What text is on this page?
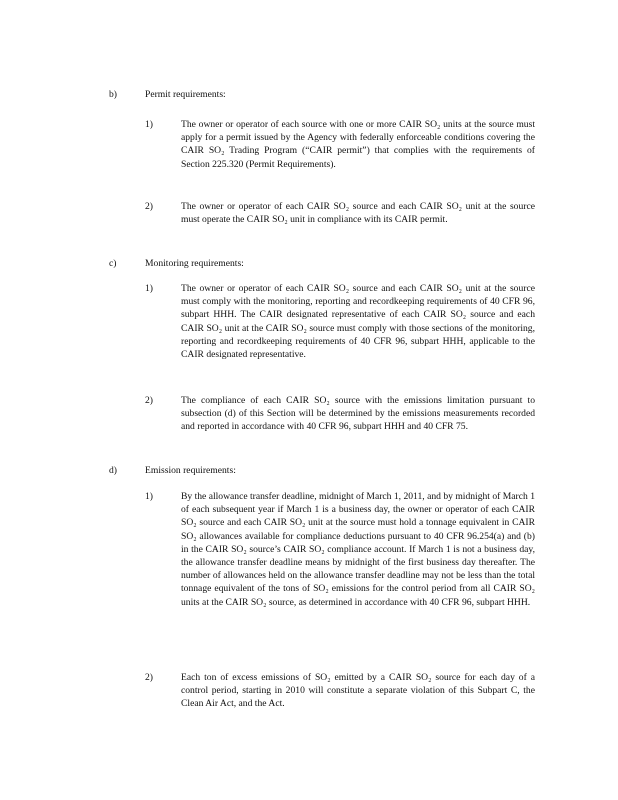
b)	Permit requirements:
1)	The owner or operator of each source with one or more CAIR SO₂ units at the source must apply for a permit issued by the Agency with federally enforceable conditions covering the CAIR SO₂ Trading Program (“CAIR permit”) that complies with the requirements of Section 225.320 (Permit Requirements).
2)	The owner or operator of each CAIR SO₂ source and each CAIR SO₂ unit at the source must operate the CAIR SO₂ unit in compliance with its CAIR permit.
c)	Monitoring requirements:
1)	The owner or operator of each CAIR SO₂ source and each CAIR SO₂ unit at the source must comply with the monitoring, reporting and recordkeeping requirements of 40 CFR 96, subpart HHH. The CAIR designated representative of each CAIR SO₂ source and each CAIR SO₂ unit at the CAIR SO₂ source must comply with those sections of the monitoring, reporting and recordkeeping requirements of 40 CFR 96, subpart HHH, applicable to the CAIR designated representative.
2)	The compliance of each CAIR SO₂ source with the emissions limitation pursuant to subsection (d) of this Section will be determined by the emissions measurements recorded and reported in accordance with 40 CFR 96, subpart HHH and 40 CFR 75.
d)	Emission requirements:
1)	By the allowance transfer deadline, midnight of March 1, 2011, and by midnight of March 1 of each subsequent year if March 1 is a business day, the owner or operator of each CAIR SO₂ source and each CAIR SO₂ unit at the source must hold a tonnage equivalent in CAIR SO₂ allowances available for compliance deductions pursuant to 40 CFR 96.254(a) and (b) in the CAIR SO₂ source’s CAIR SO₂ compliance account. If March 1 is not a business day, the allowance transfer deadline means by midnight of the first business day thereafter. The number of allowances held on the allowance transfer deadline may not be less than the total tonnage equivalent of the tons of SO₂ emissions for the control period from all CAIR SO₂ units at the CAIR SO₂ source, as determined in accordance with 40 CFR 96, subpart HHH.
2)	Each ton of excess emissions of SO₂ emitted by a CAIR SO₂ source for each day of a control period, starting in 2010 will constitute a separate violation of this Subpart C, the Clean Air Act, and the Act.
